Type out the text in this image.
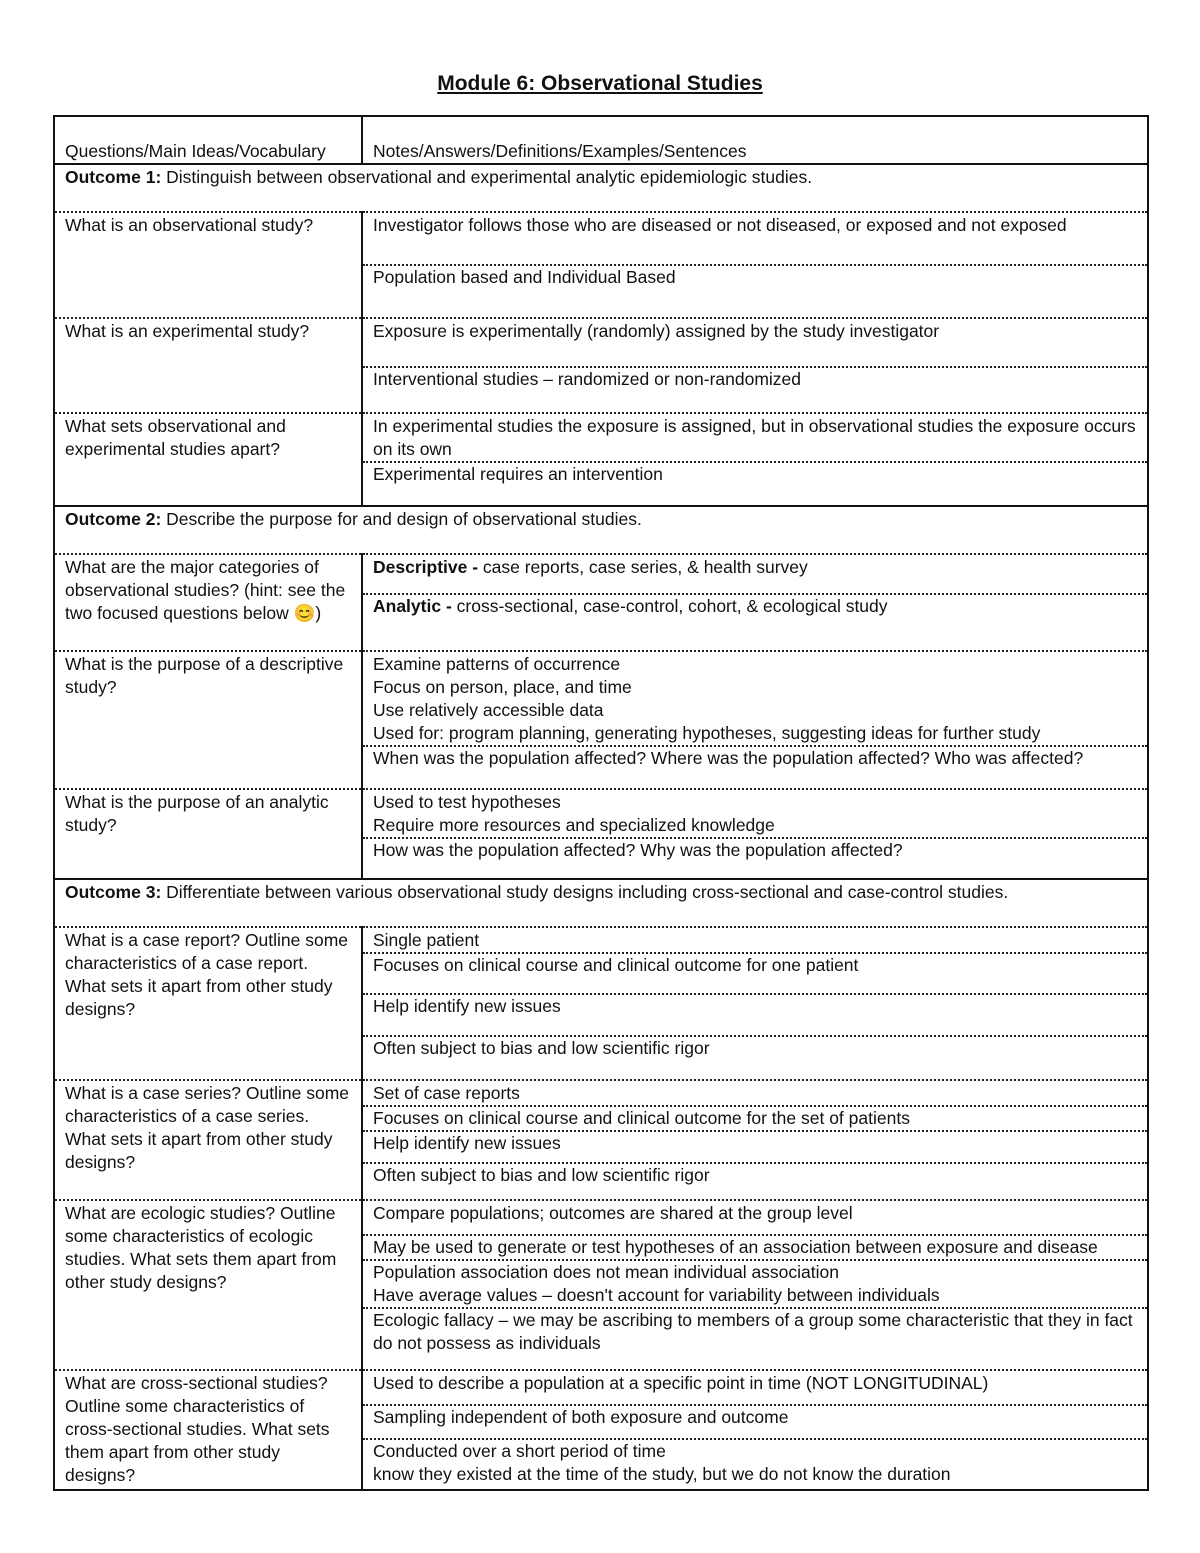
Module 6: Observational Studies
Questions/Main Ideas/Vocabulary	Notes/Answers/Definitions/Examples/Sentences
Outcome 1: Distinguish between observational and experimental analytic epidemiologic studies.	
What is an observational study?	Investigator follows those who are diseased or not diseased, or exposed and not exposed
Population based and Individual Based

What is an experimental study?	Exposure is experimentally (randomly) assigned by the study investigator
Interventional studies – randomized or non-randomized

What sets observational and experimental studies apart?	In experimental studies the exposure is assigned, but in observational studies the exposure occurs on its own
Experimental requires an intervention

Outcome 2: Describe the purpose for and design of observational studies.	
What are the major categories of observational studies? (hint: see the two focused questions below 😊)	Descriptive - case reports, case series, & health survey
Analytic - cross-sectional, case-control, cohort, & ecological study

What is the purpose of a descriptive study?	Examine patterns of occurrence
Focus on person, place, and time
Use relatively accessible data
Used for: program planning, generating hypotheses, suggesting ideas for further study
When was the population affected? Where was the population affected? Who was affected?

What is the purpose of an analytic study?	Used to test hypotheses
Require more resources and specialized knowledge
How was the population affected? Why was the population affected?

Outcome 3: Differentiate between various observational study designs including cross-sectional and case-control studies.	
What is a case report? Outline some characteristics of a case report. What sets it apart from other study designs?	Single patient
Focuses on clinical course and clinical outcome for one patient
Help identify new issues
Often subject to bias and low scientific rigor

What is a case series? Outline some characteristics of a case series. What sets it apart from other study designs?	Set of case reports
Focuses on clinical course and clinical outcome for the set of patients
Help identify new issues
Often subject to bias and low scientific rigor

What are ecologic studies? Outline some characteristics of ecologic studies. What sets them apart from other study designs?	Compare populations; outcomes are shared at the group level
May be used to generate or test hypotheses of an association between exposure and disease
Population association does not mean individual association
Have average values – doesn't account for variability between individuals
Ecologic fallacy – we may be ascribing to members of a group some characteristic that they in fact do not possess as individuals

What are cross-sectional studies? Outline some characteristics of cross-sectional studies. What sets them apart from other study designs?	Used to describe a population at a specific point in time (NOT LONGITUDINAL)
Sampling independent of both exposure and outcome
Conducted over a short period of time
know they existed at the time of the study, but we do not know the duration
